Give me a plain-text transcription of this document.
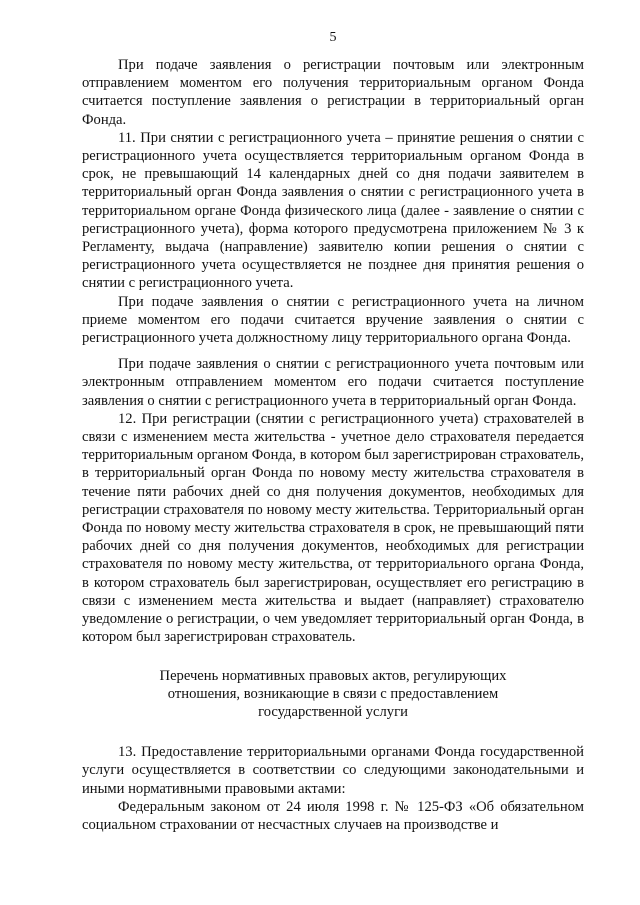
5

При подаче заявления о регистрации почтовым или электронным отправлением моментом его получения территориальным органом Фонда считается поступление заявления о регистрации в территориальный орган Фонда.

11. При снятии с регистрационного учета – принятие решения о снятии с регистрационного учета осуществляется территориальным органом Фонда в срок, не превышающий 14 календарных дней со дня подачи заявителем в территориальный орган Фонда заявления о снятии с регистрационного учета в территориальном органе Фонда физического лица (далее - заявление о снятии с регистрационного учета), форма которого предусмотрена приложением № 3 к Регламенту, выдача (направление) заявителю копии решения о снятии с регистрационного учета осуществляется не позднее дня принятия решения о снятии с регистрационного учета.

При подаче заявления о снятии с регистрационного учета на личном приеме моментом его подачи считается вручение заявления о снятии с регистрационного учета должностному лицу территориального органа Фонда.

При подаче заявления о снятии с регистрационного учета почтовым или электронным отправлением моментом его подачи считается поступление заявления о снятии с регистрационного учета в территориальный орган Фонда.

12. При регистрации (снятии с регистрационного учета) страхователей в связи с изменением места жительства - учетное дело страхователя передается территориальным органом Фонда, в котором был зарегистрирован страхователь, в территориальный орган Фонда по новому месту жительства страхователя в течение пяти рабочих дней со дня получения документов, необходимых для регистрации страхователя по новому месту жительства. Территориальный орган Фонда по новому месту жительства страхователя в срок, не превышающий пяти рабочих дней со дня получения документов, необходимых для регистрации страхователя по новому месту жительства, от территориального органа Фонда, в котором страхователь был зарегистрирован, осуществляет его регистрацию в связи с изменением места жительства и выдает (направляет) страхователю уведомление о регистрации, о чем уведомляет территориальный орган Фонда, в котором был зарегистрирован страхователь.

Перечень нормативных правовых актов, регулирующих
отношения, возникающие в связи с предоставлением
государственной услуги

13. Предоставление территориальными органами Фонда государственной услуги осуществляется в соответствии со следующими законодательными и иными нормативными правовыми актами:

Федеральным законом от 24 июля 1998 г. № 125-ФЗ «Об обязательном социальном страховании от несчастных случаев на производстве и
